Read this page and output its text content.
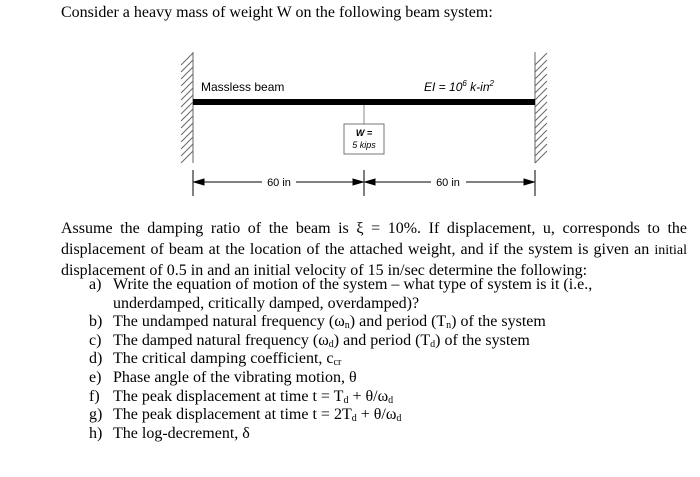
Consider a heavy mass of weight W on the following beam system:
W =
5 kips
Massless beam	EI = $10^6$ $k-in^2$
60 in	60 in
Assume the damping ratio of the beam is ξ = 10%. If displacement, u, corresponds to the displacement of beam at the location of the attached weight, and if the system is given an initial displacement of 0.5 in and an initial velocity of 15 in/sec determine the following:
a) Write the equation of motion of the system – what type of system is it (i.e., underdamped, critically damped, overdamped)?
b) The undamped natural frequency $(\omega_n)$ and period $(T_n)$ of the system
c) The damped natural frequency $(\omega_d)$ and period $(T_d)$ of the system
d) The critical damping coefficient, $c_{cr}$
e) Phase angle of the vibrating motion, θ
f) The peak displacement at time $t = T_d + \theta/\omega_d$
g) The peak displacement at time $t = 2T_d + \theta/\omega_d$
h) The log-decrement, δ
